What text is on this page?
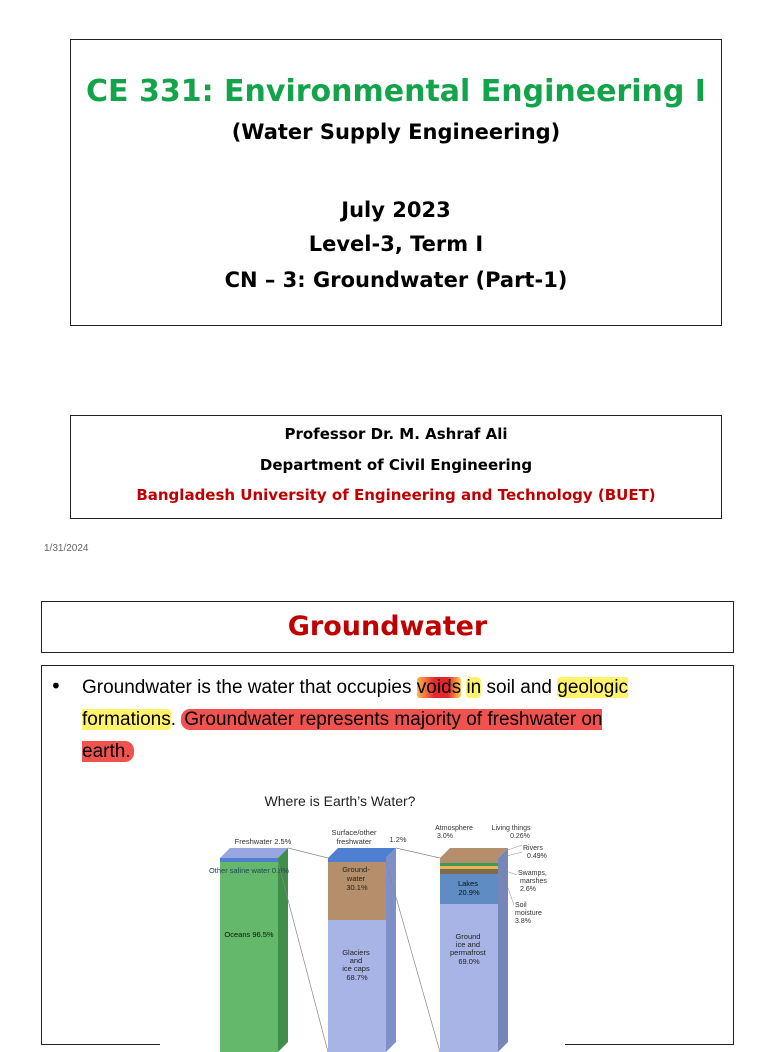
CE 331: Environmental Engineering I
(Water Supply Engineering)
July 2023
Level-3, Term I
CN – 3: Groundwater (Part-1)
Professor Dr. M. Ashraf Ali
Department of Civil Engineering
Bangladesh University of Engineering and Technology (BUET)
1/31/2024
Groundwater
• Groundwater is the water that occupies voids in soil and geologic formations. Groundwater represents majority of freshwater on earth.
Where is Earth’s Water?
Freshwater 2.5%
Other saline water 0.9%
Oceans 96.5%
Surface/other
freshwater 1.2%
Ground- water 30.1%
Glaciers and ice caps 68.7%
Atmosphere 3.0%
Living things 0.26%
Rivers 0.49%
Swamps, marshes 2.6%
Soil moisture 3.8%
Lakes 20.9%
Ground ice and permafrost 69.0%
